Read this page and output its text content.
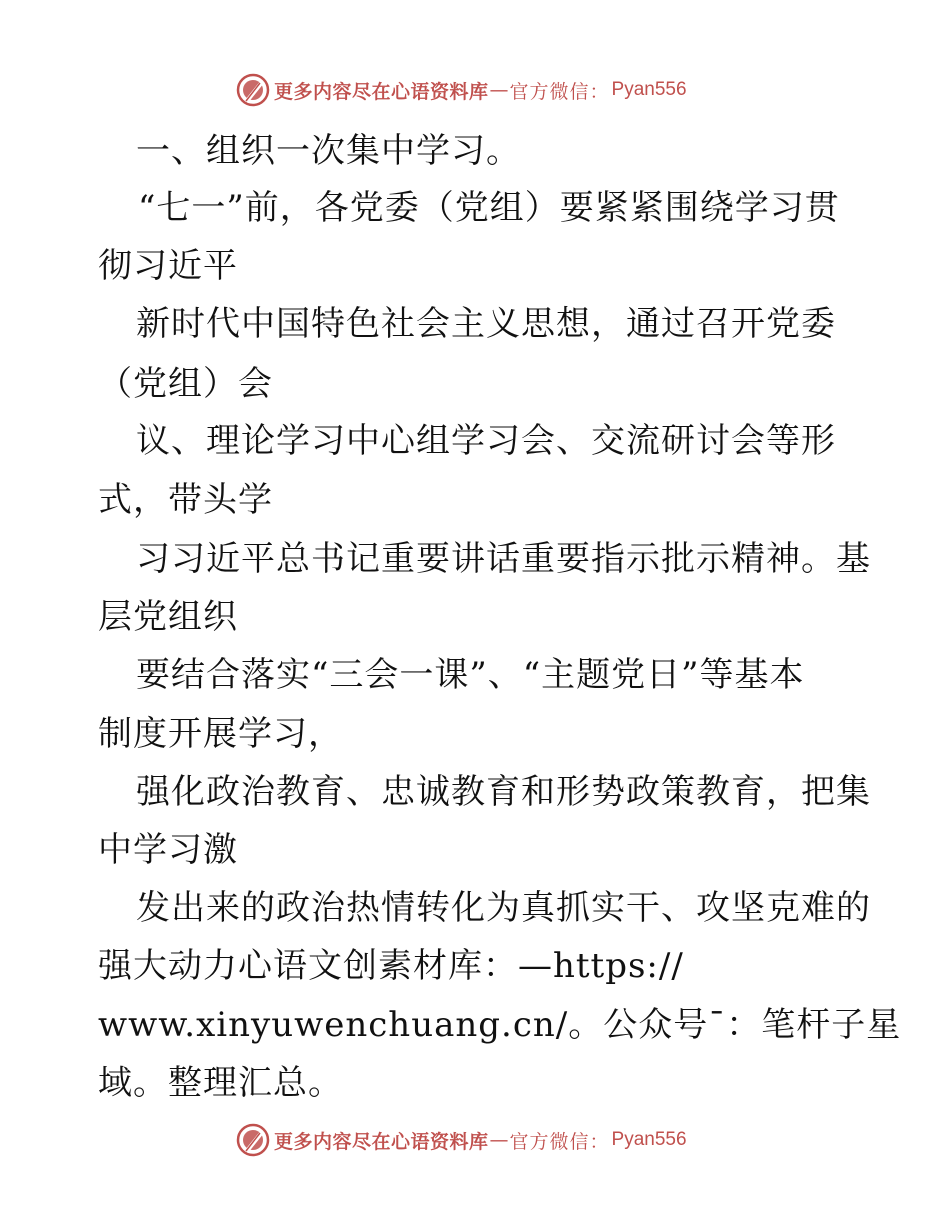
更多内容尽在心语资料库 — 官方微信： Pyan556

一、组织一次集中学习。

“七一”前，各党委（党组）要紧紧围绕学习贯

彻习近平

新时代中国特色社会主义思想，通过召开党委

（党组）会

议、理论学习中心组学习会、交流研讨会等形

式，带头学

习习近平总书记重要讲话重要指示批示精神。基

层党组织

要结合落实“三会一课”、“主题党日”等基本

制度开展学习，

强化政治教育、忠诚教育和形势政策教育，把集

中学习激

发出来的政治热情转化为真抓实干、攻坚克难的

强大动力心语文创素材库：—https://

www.xinyuwenchuang.cn/。公众号¯：笔杆子星

域。整理汇总。

更多内容尽在心语资料库 — 官方微信： Pyan556
